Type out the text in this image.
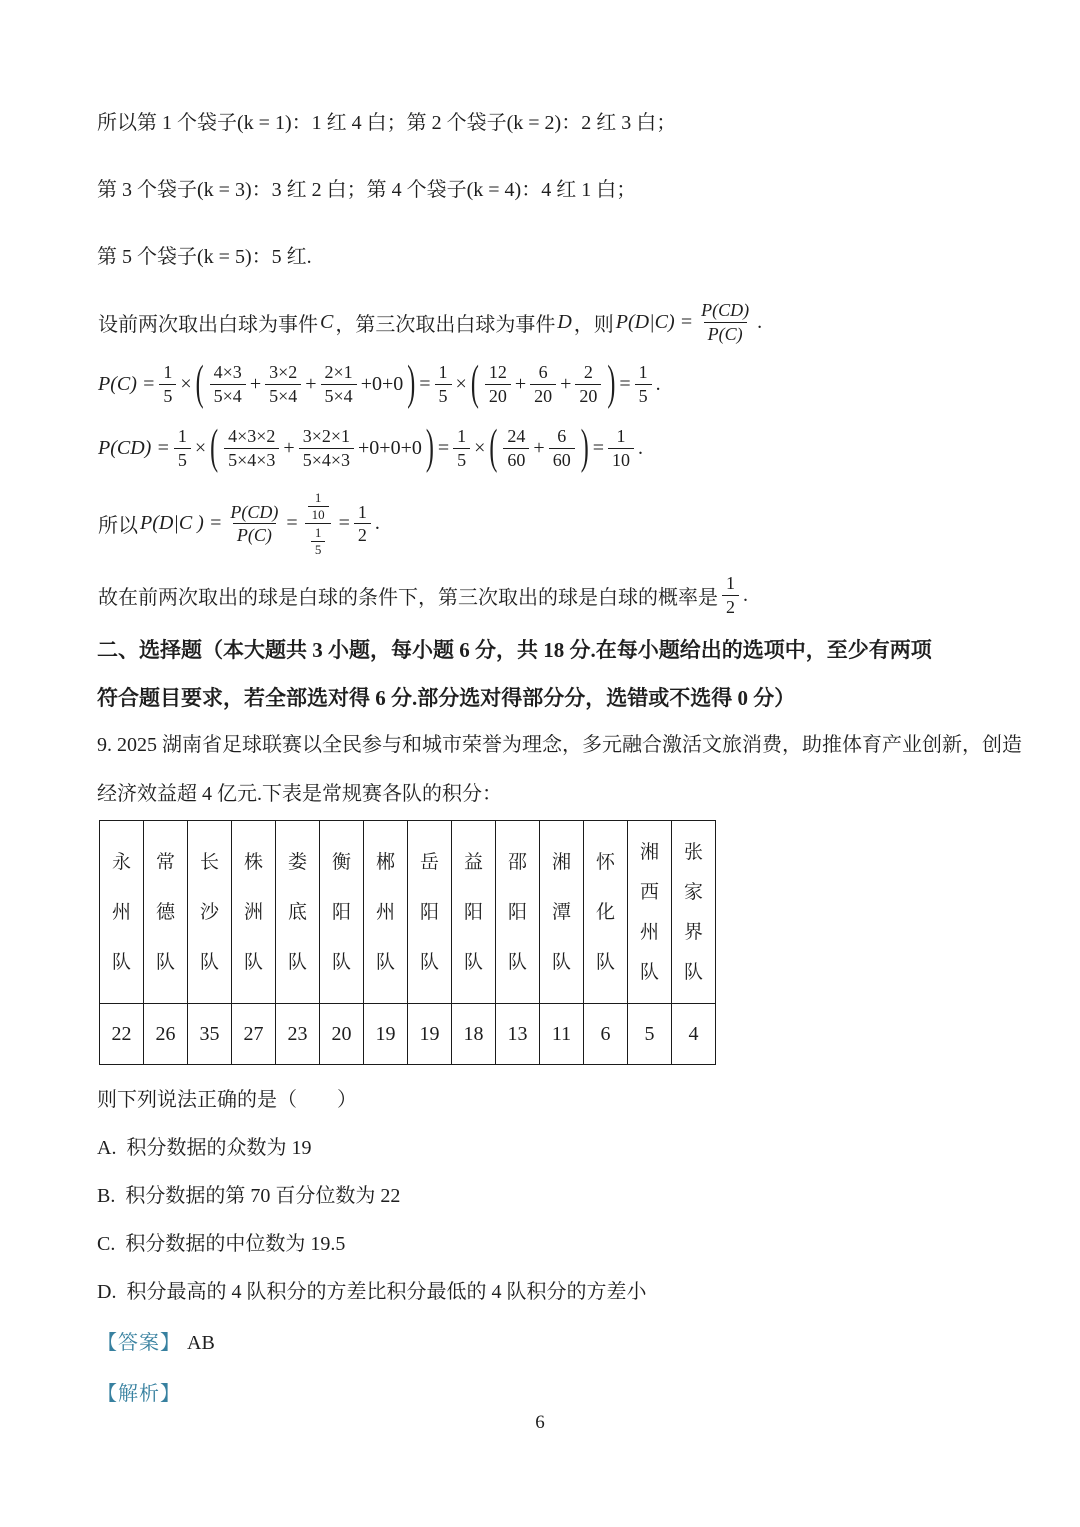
所以第 1 个袋子(k = 1)：1 红 4 白；第 2 个袋子(k = 2)：2 红 3 白；
第 3 个袋子(k = 3)：3 红 2 白；第 4 个袋子(k = 4)：4 红 1 白；
第 5 个袋子(k = 5)：5 红.
设前两次取出白球为事件 C ，第三次取出白球为事件 D ，则 $P(D|C) = \frac{P(CD)}{P(C)}$ .
$P(C) = \frac{1}{5}$ × ( $\frac{4\times 3}{5\times 4} + \frac{3\times 2}{5\times 4} + \frac{2\times 1}{5\times 4} +0+0$ ) = $\frac{1}{5}$ × ( $\frac{12}{20} + \frac{6}{20} + \frac{2}{20}$ ) = $\frac{1}{5}$ .
$P(CD) = \frac{1}{5}$ × ( $\frac{4\times 3\times 2}{5\times 4\times 3} + \frac{3\times 2\times 1}{5\times 4\times 3} +0+0+0$ ) = $\frac{1}{5}$ × ( $\frac{24}{60} + \frac{6}{60}$ ) = $\frac{1}{10}$ .
所以 P(D|C ) = $\frac{P(CD)}{P(C)} = \frac{\frac{1}{10}}{\frac{1}{5}} = \frac{1}{2}$ .
故在前两次取出的球是白球的条件下，第三次取出的球是白球的概率是 $\frac{1}{2}$ .
二、选择题（本大题共 3 小题，每小题 6 分，共 18 分.在每小题给出的选项中，至少有两项
符合题目要求，若全部选对得 6 分.部分选对得部分分，选错或不选得 0 分）
9. 2025 湖南省足球联赛以全民参与和城市荣誉为理念，多元融合激活文旅消费，助推体育产业创新，创造
经济效益超 4 亿元.下表是常规赛各队的积分：
永
州
队	常
德
队	长
沙
队	株
洲
队	娄
底
队	衡
阳
队	郴
州
队	岳
阳
队	益
阳
队	邵
阳
队	湘
潭
队	怀
化
队	湘
西
州
队	张
家
界
队

22	26	35	27	23	20	19	19	18	13	11	6	5	4
则下列说法正确的是（　　）
A. 积分数据的众数为 19
B. 积分数据的第 70 百分位数为 22
C. 积分数据的中位数为 19.5
D. 积分最高的 4 队积分的方差比积分最低的 4 队积分的方差小
【答案】 AB
【解析】
6
